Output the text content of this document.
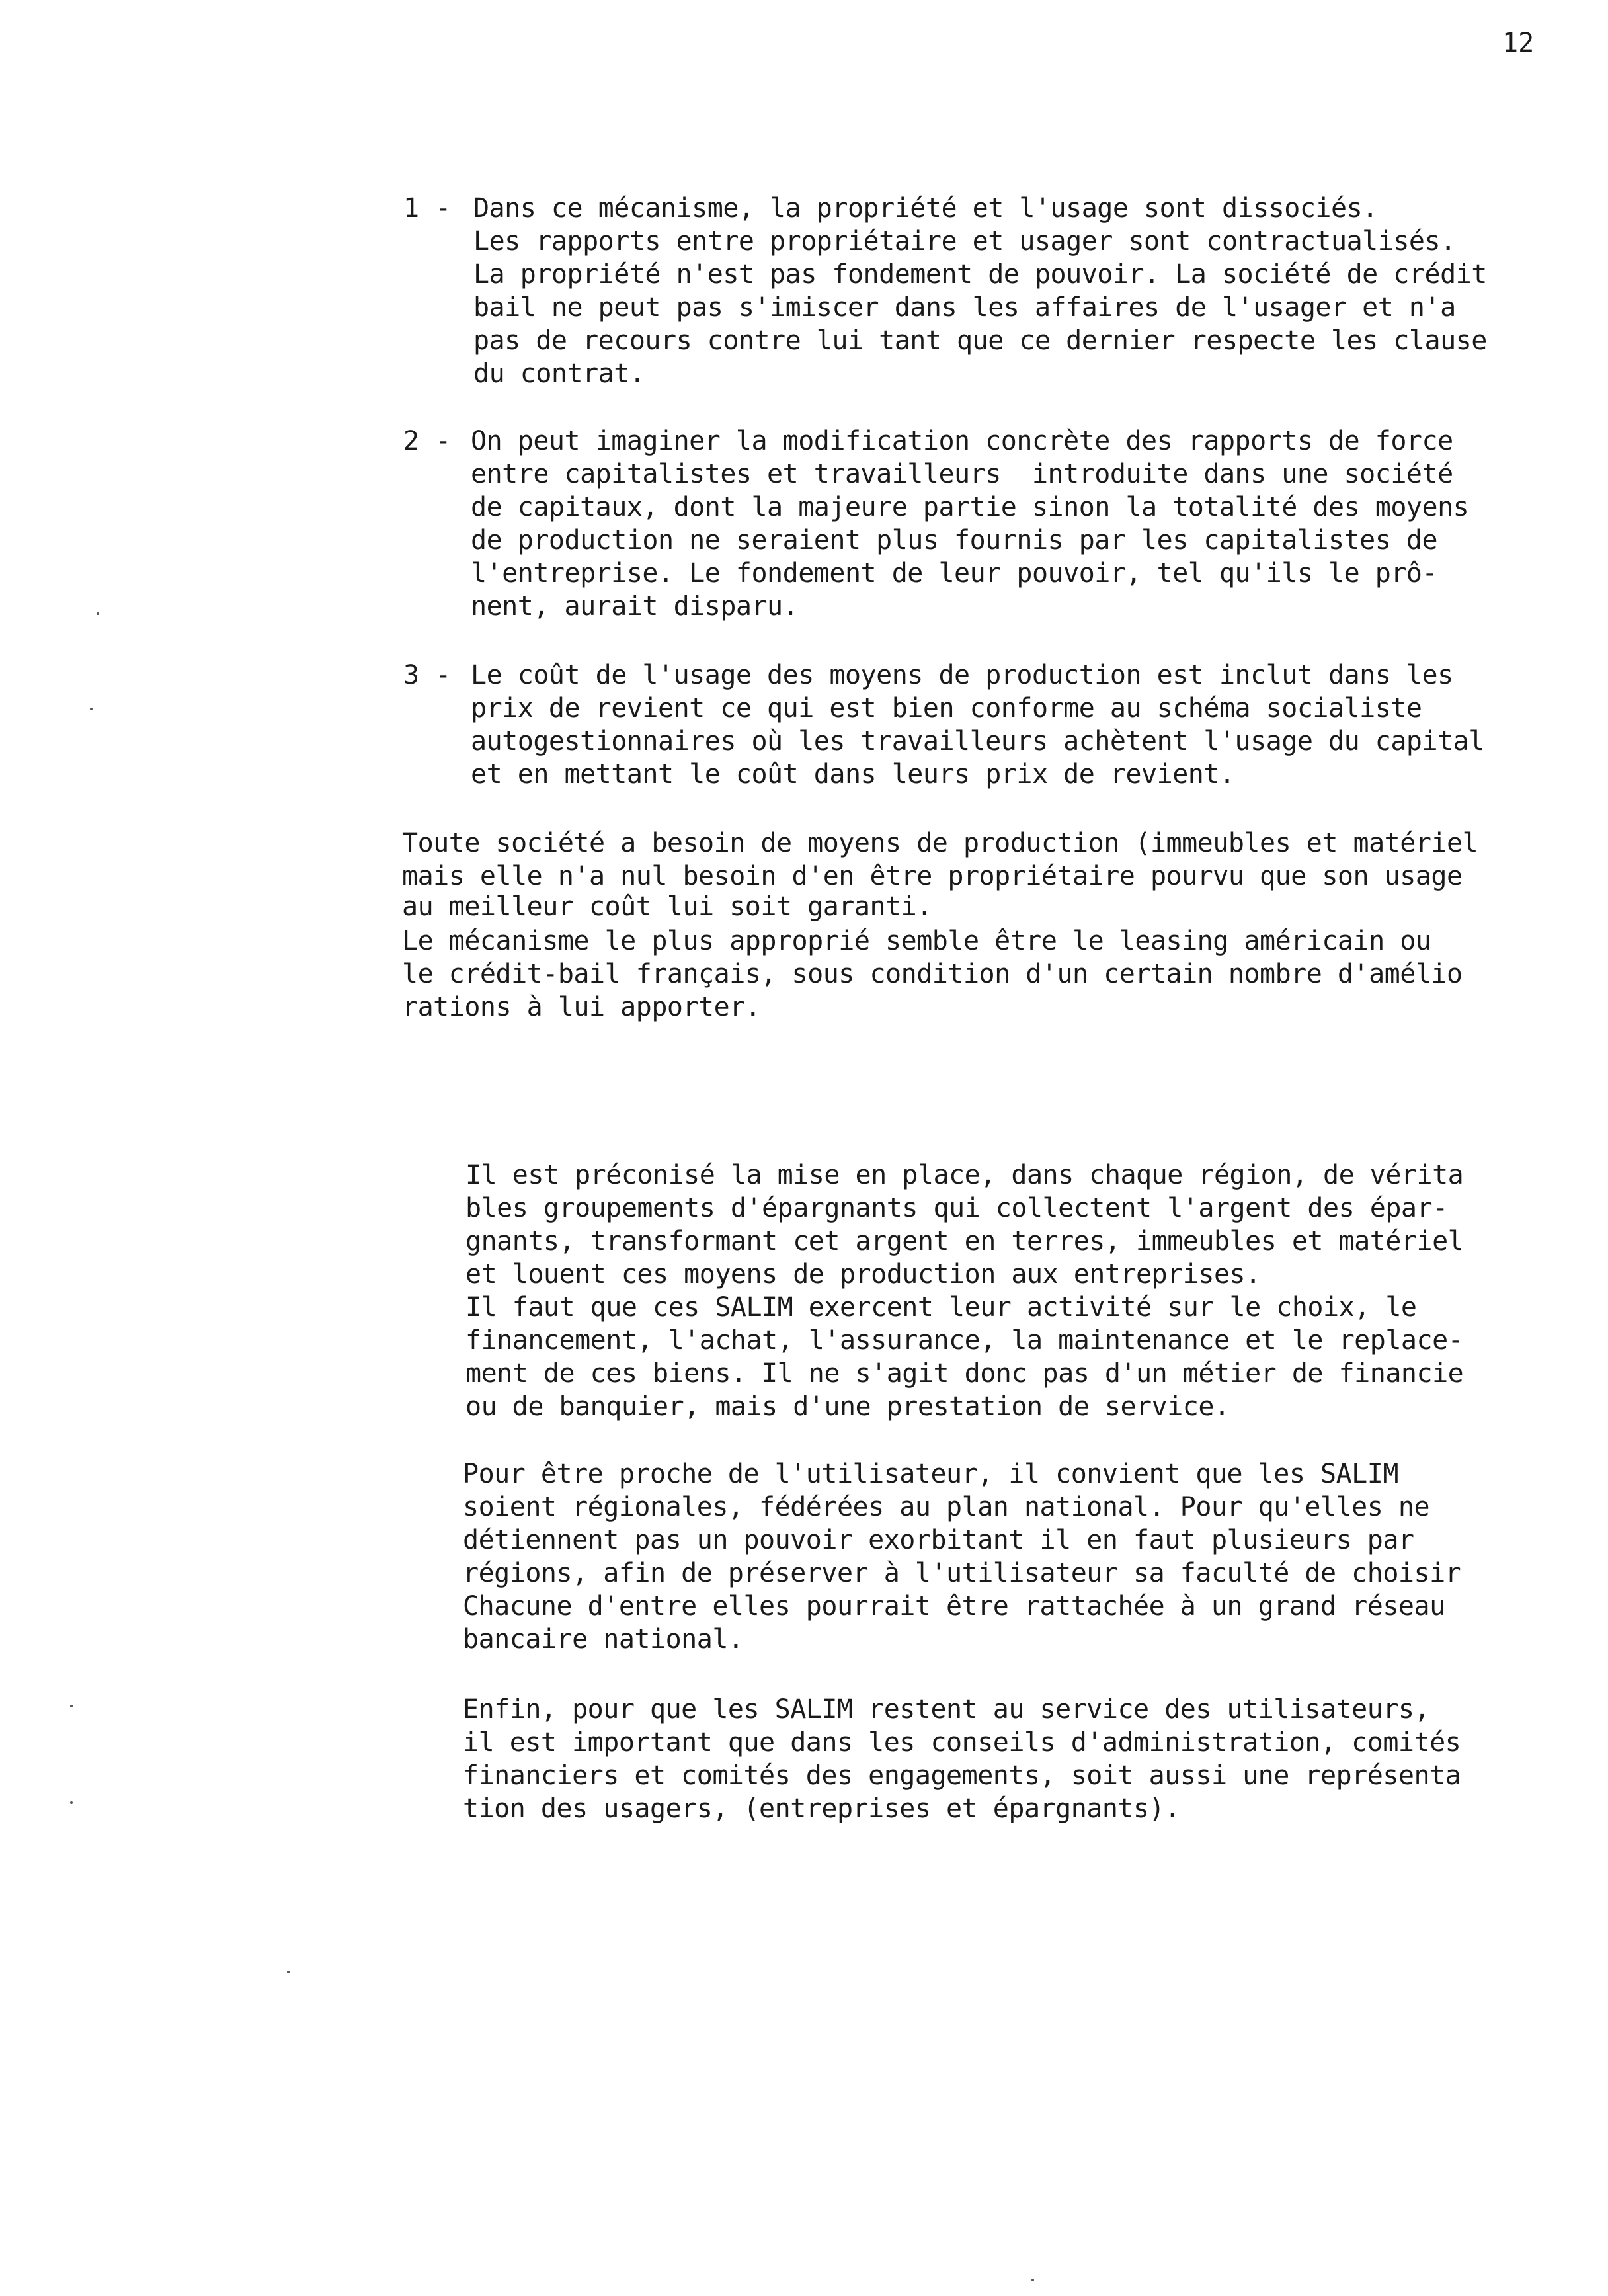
12
1 - Dans ce mécanisme, la propriété et l'usage sont dissociés.
Les rapports entre propriétaire et usager sont contractualisés.
La propriété n'est pas fondement de pouvoir. La société de crédit
bail ne peut pas s'imiscer dans les affaires de l'usager et n'a
pas de recours contre lui tant que ce dernier respecte les clause
du contrat.
2 - On peut imaginer la modification concrète des rapports de force
entre capitalistes et travailleurs  introduite dans une société
de capitaux, dont la majeure partie sinon la totalité des moyens
de production ne seraient plus fournis par les capitalistes de
l'entreprise. Le fondement de leur pouvoir, tel qu'ils le prô-
nent, aurait disparu.
3 - Le coût de l'usage des moyens de production est inclut dans les
prix de revient ce qui est bien conforme au schéma socialiste
autogestionnaires où les travailleurs achètent l'usage du capital
et en mettant le coût dans leurs prix de revient.
Toute société a besoin de moyens de production (immeubles et matériel
mais elle n'a nul besoin d'en être propriétaire pourvu que son usage
au meilleur coût lui soit garanti.
Le mécanisme le plus approprié semble être le leasing américain ou
le crédit-bail français, sous condition d'un certain nombre d'amélio
rations à lui apporter.
Il est préconisé la mise en place, dans chaque région, de vérita
bles groupements d'épargnants qui collectent l'argent des épar-
gnants, transformant cet argent en terres, immeubles et matériel
et louent ces moyens de production aux entreprises.
Il faut que ces SALIM exercent leur activité sur le choix, le
financement, l'achat, l'assurance, la maintenance et le replace-
ment de ces biens. Il ne s'agit donc pas d'un métier de financie
ou de banquier, mais d'une prestation de service.
Pour être proche de l'utilisateur, il convient que les SALIM
soient régionales, fédérées au plan national. Pour qu'elles ne
détiennent pas un pouvoir exorbitant il en faut plusieurs par
régions, afin de préserver à l'utilisateur sa faculté de choisir
Chacune d'entre elles pourrait être rattachée à un grand réseau
bancaire national.
Enfin, pour que les SALIM restent au service des utilisateurs,
il est important que dans les conseils d'administration, comités
financiers et comités des engagements, soit aussi une représenta
tion des usagers, (entreprises et épargnants).
